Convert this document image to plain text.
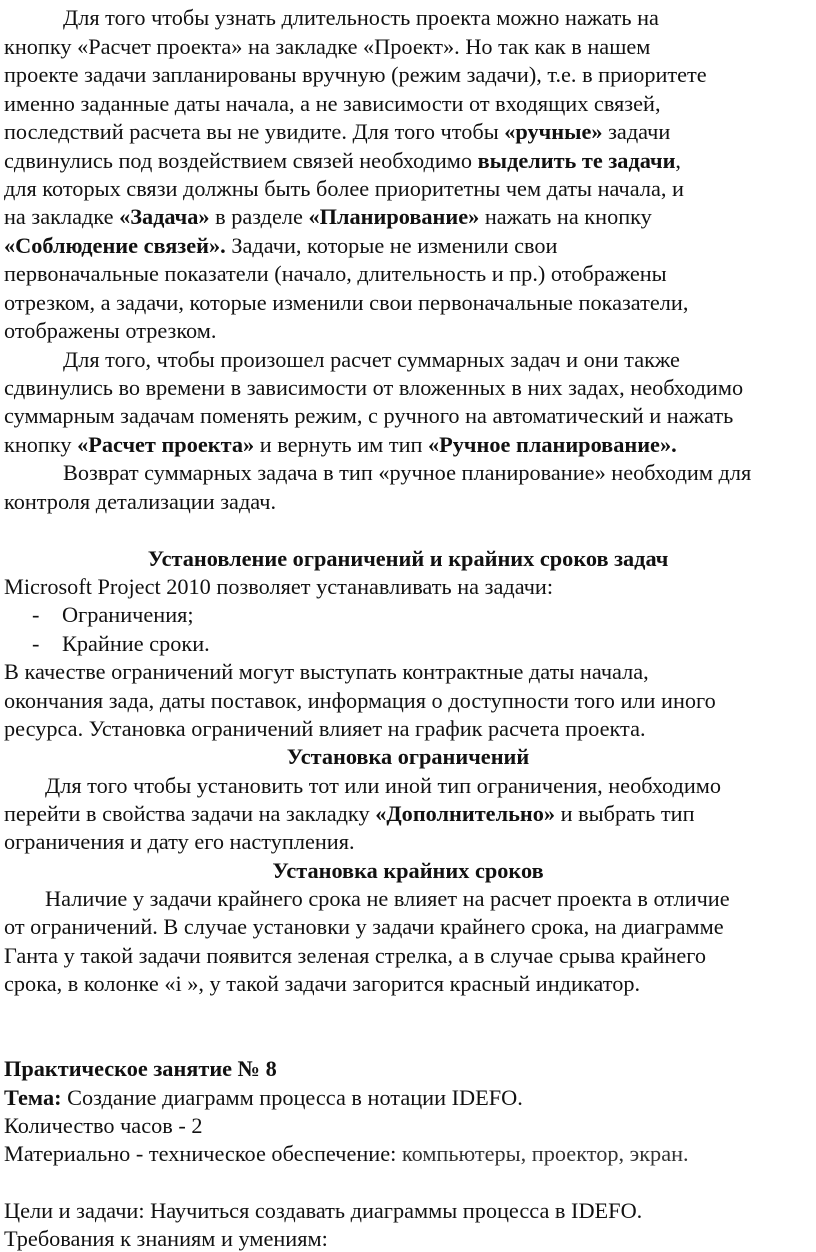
Для того чтобы узнать длительность проекта можно нажать на
кнопку «Расчет проекта» на закладке «Проект». Но так как в нашем
проекте задачи запланированы вручную (режим задачи), т.е. в приоритете
именно заданные даты начала, а не зависимости от входящих связей,
последствий расчета вы не увидите. Для того чтобы «ручные» задачи
сдвинулись под воздействием связей необходимо выделить те задачи,
для которых связи должны быть более приоритетны чем даты начала, и
на закладке «Задача» в разделе «Планирование» нажать на кнопку
«Соблюдение связей». Задачи, которые не изменили свои
первоначальные показатели (начало, длительность и пр.) отображены
отрезком, а задачи, которые изменили свои первоначальные показатели,
отображены отрезком.
Для того, чтобы произошел расчет суммарных задач и они также
сдвинулись во времени в зависимости от вложенных в них задах, необходимо
суммарным задачам поменять режим, с ручного на автоматический и нажать
кнопку «Расчет проекта» и вернуть им тип «Ручное планирование».
Возврат суммарных задача в тип «ручное планирование» необходим для
контроля детализации задач.
Установление ограничений и крайних сроков задач
Microsoft Project 2010 позволяет устанавливать на задачи:
- Ограничения;
- Крайние сроки.
В качестве ограничений могут выступать контрактные даты начала,
окончания зада, даты поставок, информация о доступности того или иного
ресурса. Установка ограничений влияет на график расчета проекта.
Установка ограничений
Для того чтобы установить тот или иной тип ограничения, необходимо
перейти в свойства задачи на закладку «Дополнительно» и выбрать тип
ограничения и дату его наступления.
Установка крайних сроков
Наличие у задачи крайнего срока не влияет на расчет проекта в отличие
от ограничений. В случае установки у задачи крайнего срока, на диаграмме
Ганта у такой задачи появится зеленая стрелка, а в случае срыва крайнего
срока, в колонке «i », у такой задачи загорится красный индикатор.
Практическое занятие № 8
Тема: Создание диаграмм процесса в нотации IDEFO.
Количество часов - 2
Материально - техническое обеспечение: компьютеры, проектор, экран.
Цели и задачи: Научиться создавать диаграммы процесса в IDEFO.
Требования к знаниям и умениям:
